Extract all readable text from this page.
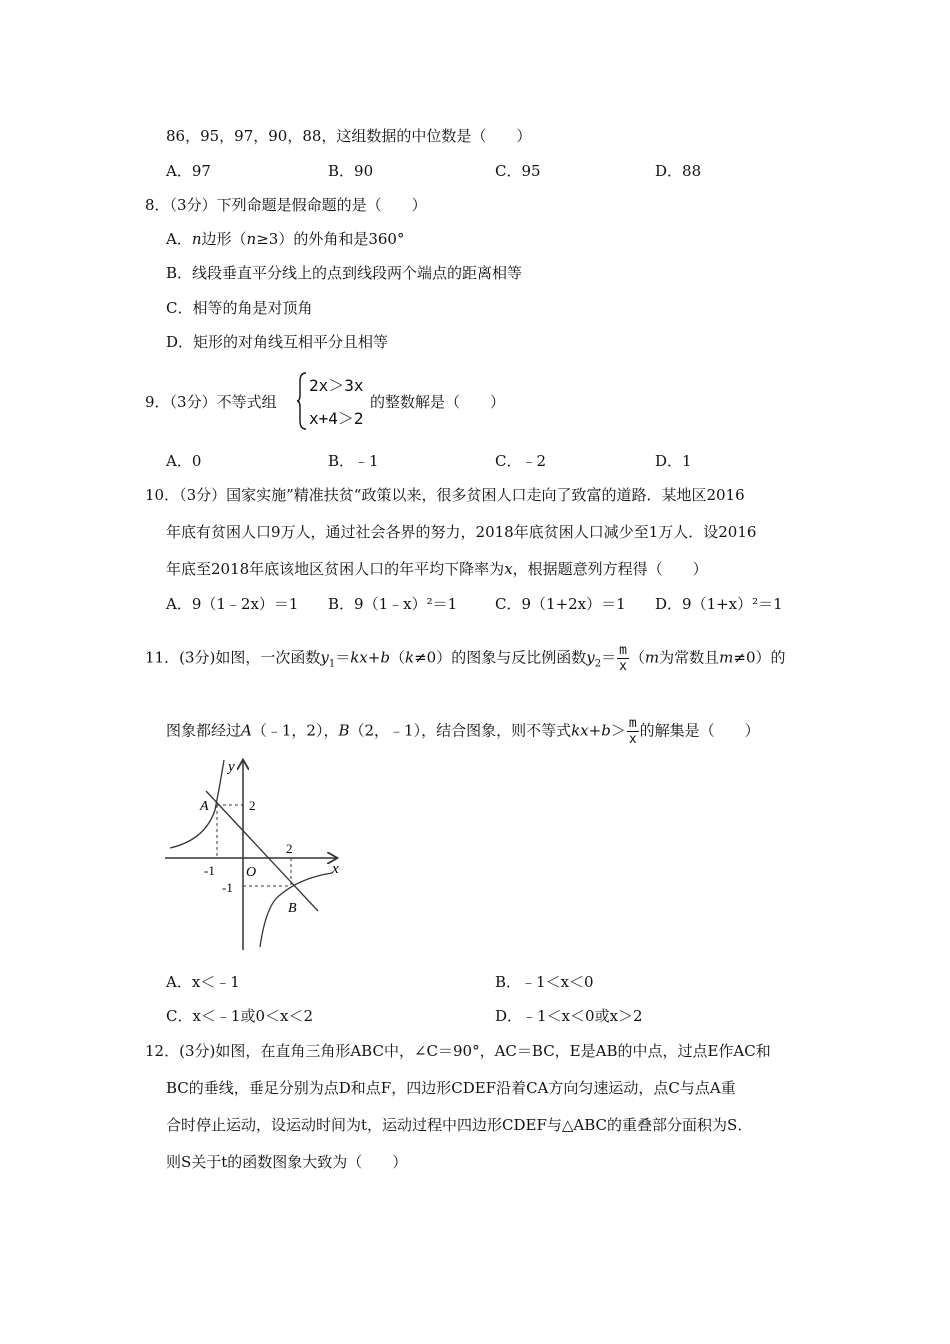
86，95，97，90，88，这组数据的中位数是（　　）
A．97	B．90	C．95	D．88
8．（3分）下列命题是假命题的是（　　）
A．n边形（n≥3）的外角和是360°
B．线段垂直平分线上的点到线段两个端点的距离相等
C．相等的角是对顶角
D．矩形的对角线互相平分且相等
9．（3分）不等式组
2x＞3x
x+4＞2
的整数解是（　　）
A．0	B．﹣1	C．﹣2	D．1
10．（3分）国家实施”精准扶贫“政策以来，很多贫困人口走向了致富的道路．某地区2016
年底有贫困人口9万人，通过社会各界的努力，2018年底贫困人口减少至1万人．设2016
年底至2018年底该地区贫困人口的年平均下降率为x，根据题意列方程得（　　）
A．9（1﹣2x）＝1 B．9（1﹣x）²＝1	C．9（1+2x）＝1 D．9（1+x）²＝1
11．(3分)如图，一次函数$y_1=kx+b(k\ne 0)$的图象与反比例函数$y_2= \frac{m}{x} (m$为常数且m≠0）的
图象都经过A（﹣1，2），B（2，﹣1），结合图象，则不等式$kx+b> \frac{m}{x}$ 的解集是（　　）
y
x
O
A
B
2
2
-1
-1
A．x＜﹣1	B．﹣1＜x＜0
C．x＜﹣1或0＜x＜2	D．﹣1＜x＜0或x＞2
12．(3分)如图，在直角三角形ABC中，∠C＝90°，AC＝BC，E是AB的中点，过点E作AC和
BC的垂线，垂足分别为点D和点F，四边形CDEF沿着CA方向匀速运动，点C与点A重
合时停止运动，设运动时间为t，运动过程中四边形CDEF与△ABC的重叠部分面积为S．
则S关于t的函数图象大致为（　　）
